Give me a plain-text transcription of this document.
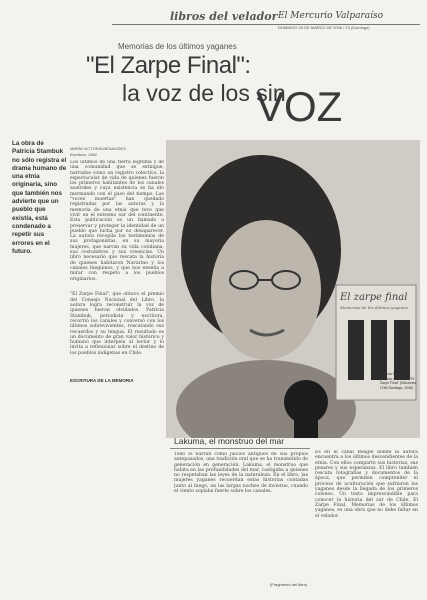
libros del velador El Mercurio Valparaíso
DOMINGO 26 DE MARZO DE 2006 / 23 (Domingo)
Memorias de los últimos yaganes
"El Zarpe Final":
la voz de los sin
VOZ
La obra de Patricia Stambuk no sólo registra el drama humano de una etnia originaria, sino que también nos advierte que un pueblo que existía, está condenado a repetir sus errores en el futuro.
MARÍA VICTORIA BENAVIDES
Escritora, 1962
Los últimos de una tierra legítima y de una comunidad que se extingue, narrados como un registro colectivo, la espectacular de vida de quienes fueron los primeros habitantes de los canales australes y cuya existencia se ha ido mermando con el paso del tiempo. Las "voces muertas" han quedado registradas por las autoras y la memoria de una etnia que tuvo que vivir en el extremo sur del continente. Esta publicación es un llamado a preservar y proteger la identidad de un pueblo que lucha por no desaparecer. La autora recopila los testimonios de sus protagonistas, en su mayoría mujeres, que narran su vida cotidiana, sus costumbres y sus creencias. Un libro necesario que rescata la historia de quienes habitaron Navarino y los canales fueguinos, y que nos enseña a mirar con respeto a los pueblos originarios.

"El Zarpe Final", que obtuvo el premio del Consejo Nacional del Libro, la autora logra reconstruir la voz de quienes fueron olvidados. Patricia Stambuk, periodista y escritora, recorrió los canales y conversó con los últimos sobrevivientes, rescatando sus recuerdos y su lengua. El resultado es un documento de gran valor histórico y humano que interpela al lector y lo invita a reflexionar sobre el destino de los pueblos indígenas en Chile.
ESCRITURA DE LA MEMORIA
El zarpe final
Memorias de los últimos yaganes
Patricia Stambuk y portada de su libro "El Zarpe Final" (Ediciones LOM Santiago, 2006)
Lakuma, el monstruo del mar
Todo lo narran como juicios antiguos de sus propios antepasados, una tradición oral que se ha transmitido de generación en generación. Lakuma, el monstruo que habita en las profundidades del mar, castigaba a quienes no respetaban las leyes de la naturaleza. En el libro, las mujeres yaganes recuerdan estas historias contadas junto al fuego, en las largas noches de invierno, cuando el viento soplaba fuerte sobre los canales.
(Fragmento del libro)
Es en el canal Beagle donde la autora encuentra a los últimos descendientes de la etnia. Con ellos comparte sus historias, sus pesares y sus esperanzas. El libro también rescata fotografías y documentos de la época, que permiten comprender el proceso de aculturación que sufrieron los yaganes desde la llegada de los primeros colonos. Un texto imprescindible para conocer la historia del sur de Chile. El Zarpe Final, Memorias de los últimos yaganes, es una obra que no debe faltar en el velador.
